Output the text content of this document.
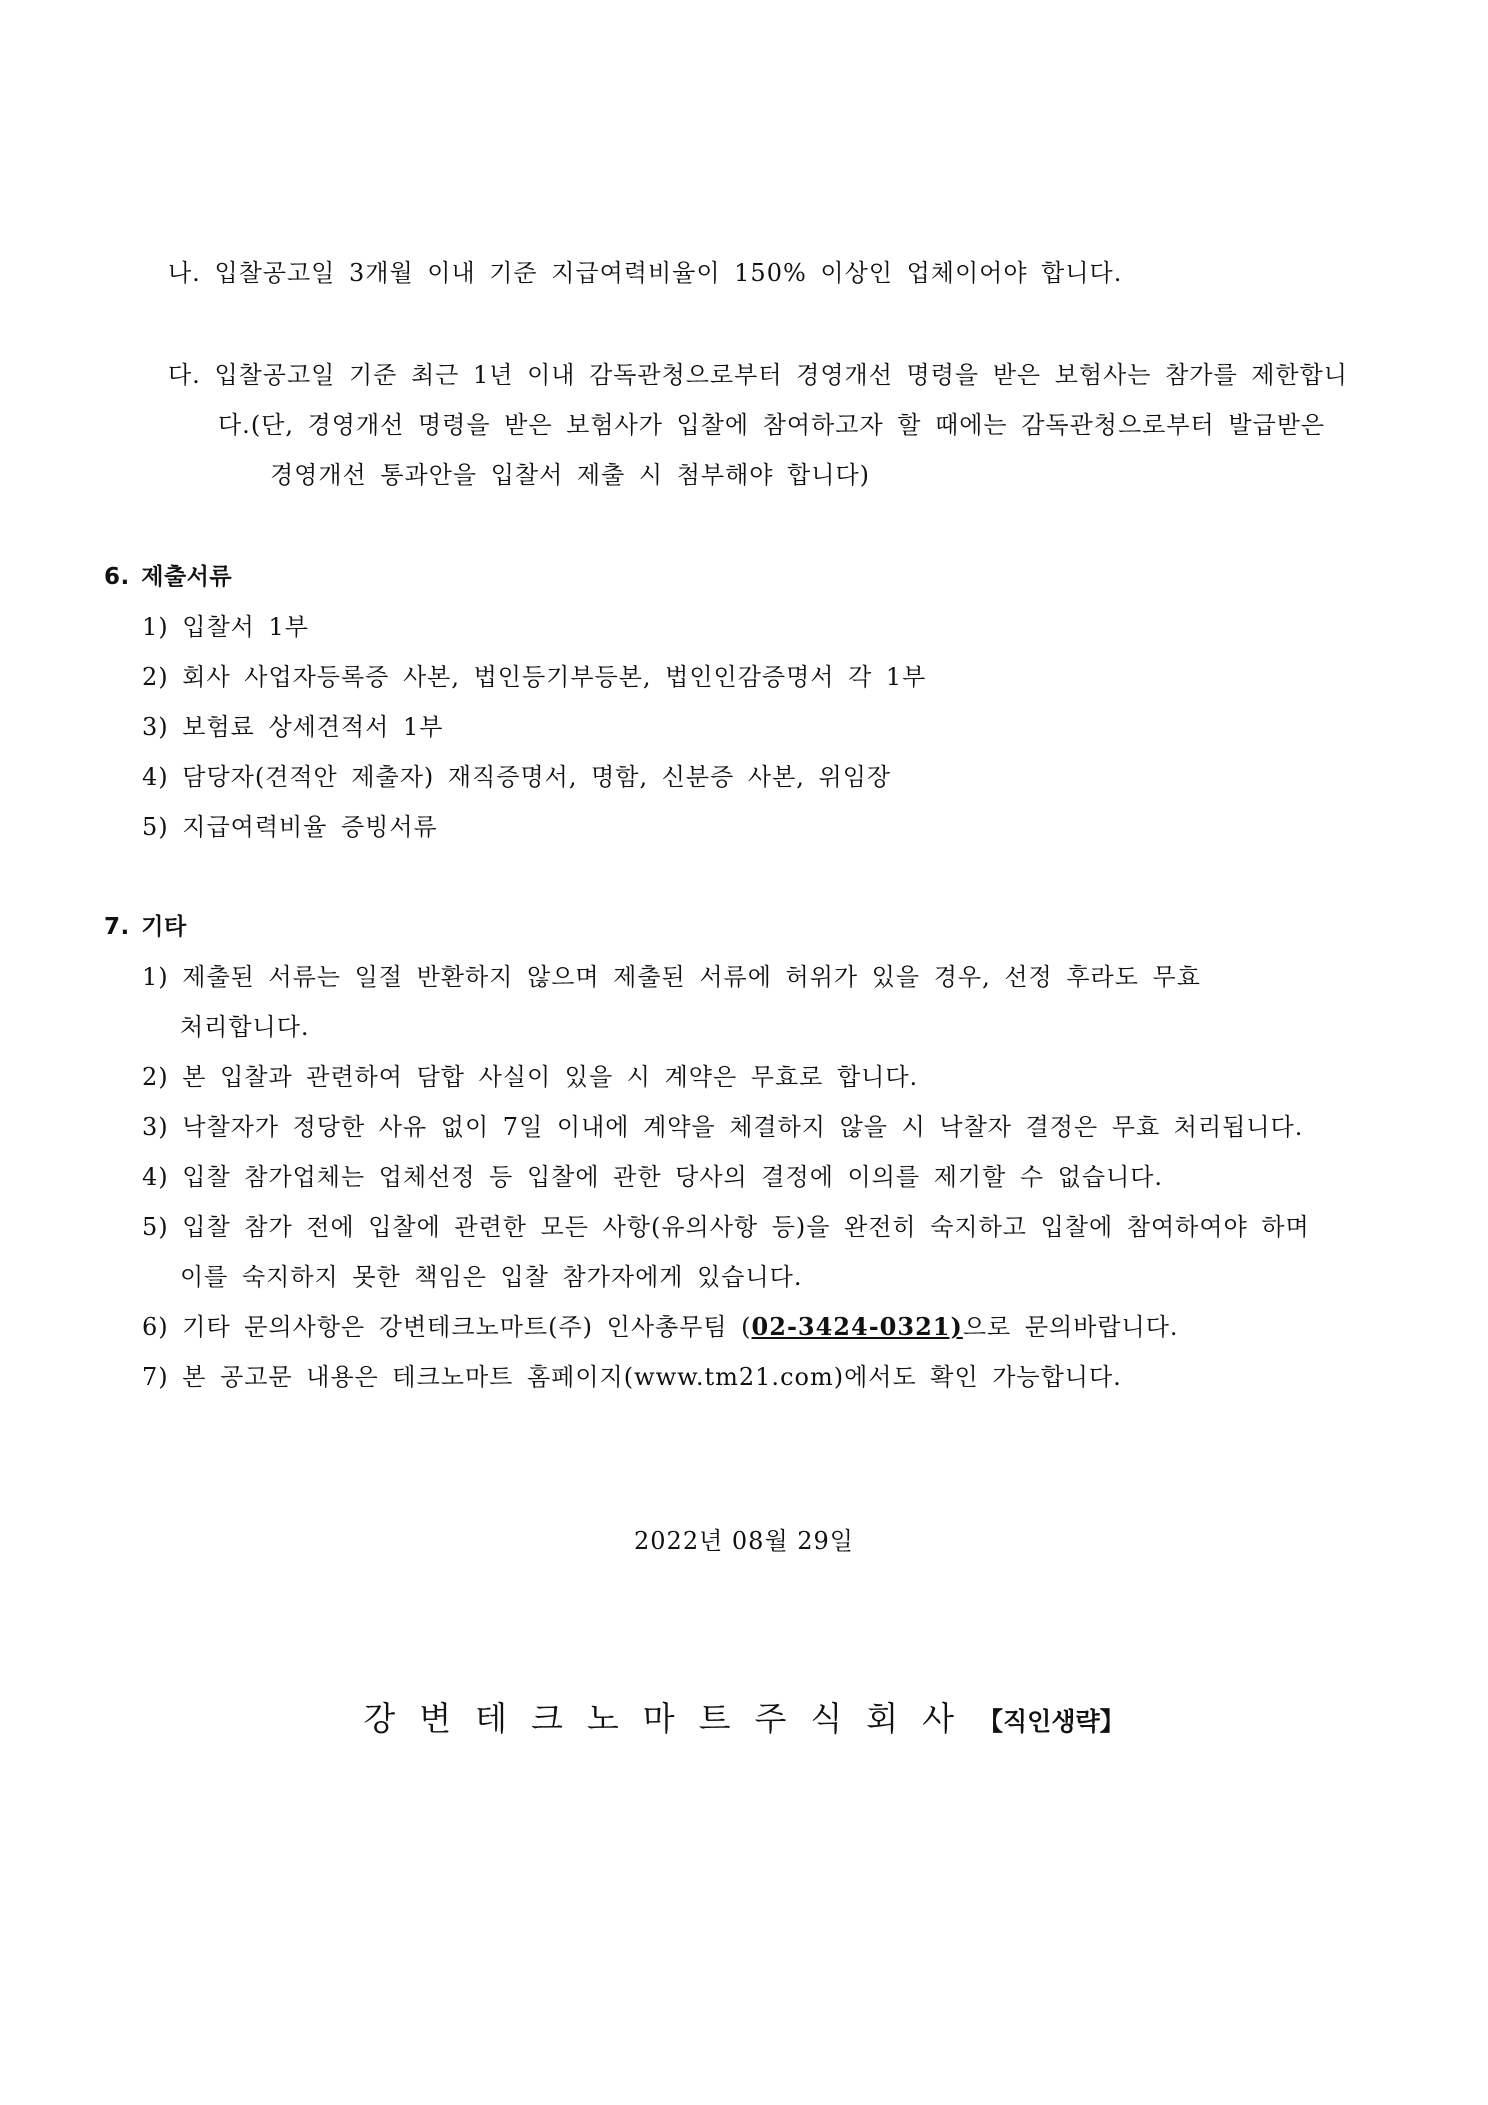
나. 입찰공고일 3개월 이내 기준 지급여력비율이 150% 이상인 업체이어야 합니다.
다. 입찰공고일 기준 최근 1년 이내 감독관청으로부터 경영개선 명령을 받은 보험사는 참가를 제한합니
다.(단, 경영개선 명령을 받은 보험사가 입찰에 참여하고자 할 때에는 감독관청으로부터 발급받은
경영개선 통과안을 입찰서 제출 시 첨부해야 합니다)
6. 제출서류
1) 입찰서 1부
2) 회사 사업자등록증 사본, 법인등기부등본, 법인인감증명서 각 1부
3) 보험료 상세견적서 1부
4) 담당자(견적안 제출자) 재직증명서, 명함, 신분증 사본, 위임장
5) 지급여력비율 증빙서류
7. 기타
1) 제출된 서류는 일절 반환하지 않으며 제출된 서류에 허위가 있을 경우, 선정 후라도 무효
처리합니다.
2) 본 입찰과 관련하여 담합 사실이 있을 시 계약은 무효로 합니다.
3) 낙찰자가 정당한 사유 없이 7일 이내에 계약을 체결하지 않을 시 낙찰자 결정은 무효 처리됩니다.
4) 입찰 참가업체는 업체선정 등 입찰에 관한 당사의 결정에 이의를 제기할 수 없습니다.
5) 입찰 참가 전에 입찰에 관련한 모든 사항(유의사항 등)을 완전히 숙지하고 입찰에 참여하여야 하며
이를 숙지하지 못한 책임은 입찰 참가자에게 있습니다.
6) 기타 문의사항은 강변테크노마트(주) 인사총무팀 (02-3424-0321)으로 문의바랍니다.
7) 본 공고문 내용은 테크노마트 홈페이지(www.tm21.com)에서도 확인 가능합니다.
2022년 08월 29일
강변테크노마트주식회사【직인생략】
